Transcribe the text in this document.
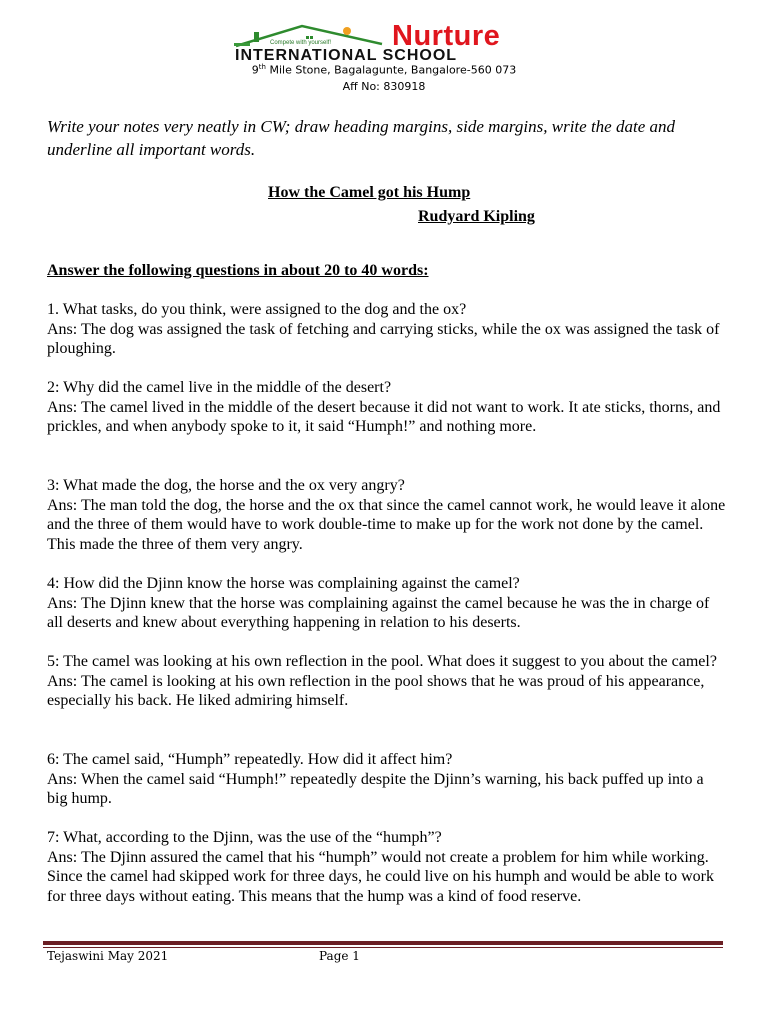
Compete with yourself! Nurture
INTERNATIONAL SCHOOL
9th Mile Stone, Bagalagunte, Bangalore-560 073
Aff No: 830918
Write your notes very neatly in CW; draw heading margins, side margins, write the date and underline all important words.
How the Camel got his Hump
Rudyard Kipling
Answer the following questions in about 20 to 40 words:

1. What tasks, do you think, were assigned to the dog and the ox?

Ans: The dog was assigned the task of fetching and carrying sticks, while the ox was assigned the task of ploughing.

2: Why did the camel live in the middle of the desert?

Ans: The camel lived in the middle of the desert because it did not want to work. It ate sticks, thorns, and prickles, and when anybody spoke to it, it said “Humph!” and nothing more.

3: What made the dog, the horse and the ox very angry?

Ans: The man told the dog, the horse and the ox that since the camel cannot work, he would leave it alone and the three of them would have to work double-time to make up for the work not done by the camel. This made the three of them very angry.

4: How did the Djinn know the horse was complaining against the camel?

Ans: The Djinn knew that the horse was complaining against the camel because he was the in charge of all deserts and knew about everything happening in relation to his deserts.

5: The camel was looking at his own reflection in the pool. What does it suggest to you about the camel?

Ans: The camel is looking at his own reflection in the pool shows that he was proud of his appearance, especially his back. He liked admiring himself.

6: The camel said, “Humph” repeatedly. How did it affect him?

Ans: When the camel said “Humph!” repeatedly despite the Djinn’s warning, his back puffed up into a big hump.

7: What, according to the Djinn, was the use of the “humph”?

Ans: The Djinn assured the camel that his “humph” would not create a problem for him while working. Since the camel had skipped work for three days, he could live on his humph and would be able to work for three days without eating. This means that the hump was a kind of food reserve.

Tejaswini May 2021	Page 1
